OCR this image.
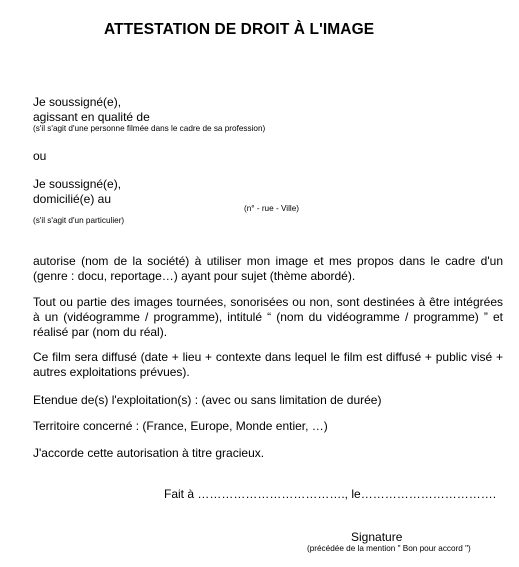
ATTESTATION DE DROIT À L'IMAGE

Je soussigné(e),

agissant en qualité de

(s'il s'agit d'une personne filmée dans le cadre de sa profession)

ou

Je soussigné(e),

domicilié(e) au

(n° - rue - Ville)

(s'il s'agit d'un particulier)

autorise (nom de la société) à utiliser mon image et mes propos dans le cadre d'un (genre : docu, reportage…) ayant pour sujet (thème abordé).

Tout ou partie des images tournées, sonorisées ou non, sont destinées à être intégrées à un (vidéogramme / programme), intitulé “ (nom du vidéogramme / programme) ” et réalisé par (nom du réal).

Ce film sera diffusé (date + lieu + contexte dans lequel le film est diffusé + public visé + autres exploitations prévues).

Etendue de(s) l'exploitation(s) : (avec ou sans limitation de durée)

Territoire concerné : (France, Europe, Monde entier, …)

J'accorde cette autorisation à titre gracieux.

Fait à ………………………………., le…………………………….

Signature

(précédée de la mention " Bon pour accord ")
